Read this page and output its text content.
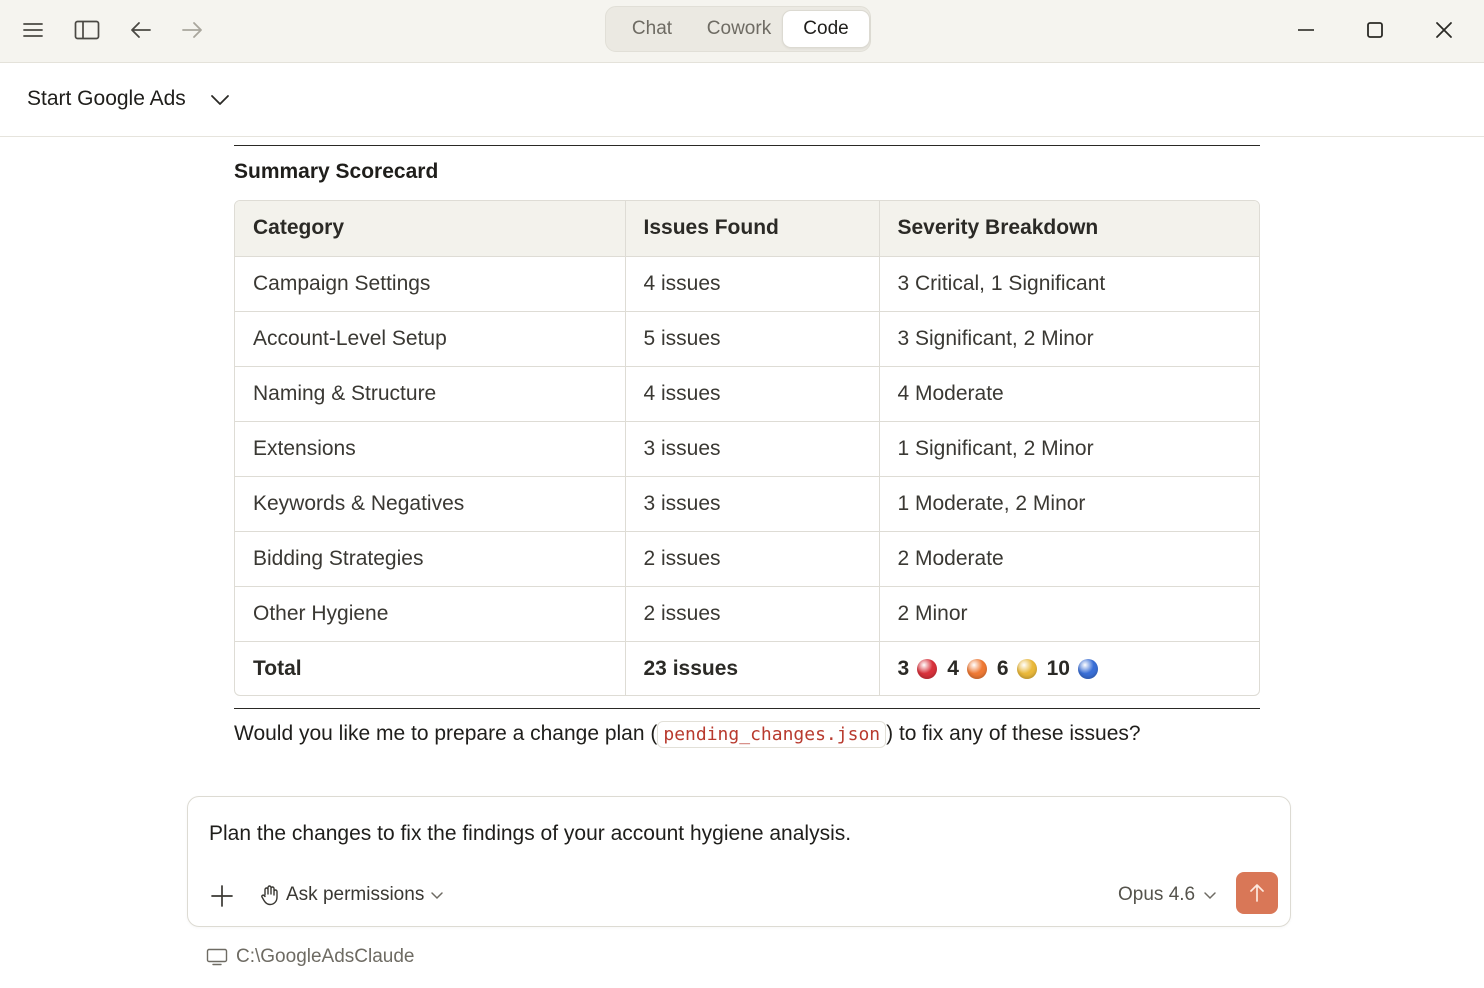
Chat	Cowork	Code
Start Google Ads
Summary Scorecard
Category	Issues Found	Severity Breakdown
Campaign Settings	4 issues	3 Critical, 1 Significant
Account-Level Setup	5 issues	3 Significant, 2 Minor
Naming & Structure	4 issues	4 Moderate
Extensions	3 issues	1 Significant, 2 Minor
Keywords & Negatives	3 issues	1 Moderate, 2 Minor
Bidding Strategies	2 issues	2 Moderate
Other Hygiene	2 issues	2 Minor
Total	23 issues	3 4 6 10
Would you like me to prepare a change plan ( pending_changes.json ) to fix any of these issues?
Plan the changes to fix the findings of your account hygiene analysis.
Ask permissions	Opus 4.6
C:\GoogleAdsClaude
